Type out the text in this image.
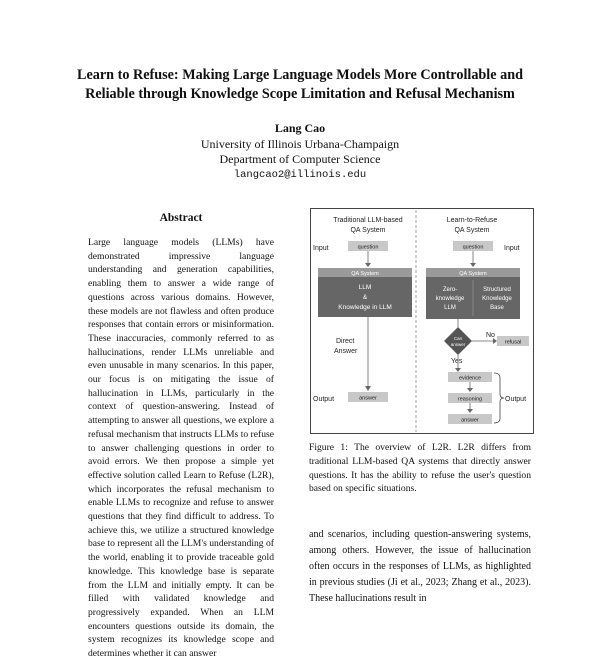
Learn to Refuse: Making Large Language Models More Controllable and
Reliable through Knowledge Scope Limitation and Refusal Mechanism
Lang Cao
University of Illinois Urbana-Champaign
Department of Computer Science
langcao2@illinois.edu
Abstract
Large language models (LLMs) have demonstrated impressive language understanding and generation capabilities, enabling them to answer a wide range of questions across various domains. However, these models are not flawless and often produce responses that contain errors or misinformation. These inaccuracies, commonly referred to as hallucinations, render LLMs unreliable and even unusable in many scenarios. In this paper, our focus is on mitigating the issue of hallucination in LLMs, particularly in the context of question-answering. Instead of attempting to answer all questions, we explore a refusal mechanism that instructs LLMs to refuse to answer challenging questions in order to avoid errors. We then propose a simple yet effective solution called Learn to Refuse (L2R), which incorporates the refusal mechanism to enable LLMs to recognize and refuse to answer questions that they find difficult to address. To achieve this, we utilize a structured knowledge base to represent all the LLM's understanding of the world, enabling it to provide traceable gold knowledge. This knowledge base is separate from the LLM and initially empty. It can be filled with validated knowledge and progressively expanded. When an LLM encounters questions outside its domain, the system recognizes its knowledge scope and determines whether it can answer
Traditional LLM-based
QA System
Input	question
QA System
LLM
&
Knowledge in LLM
Direct
Answer
Output	answer
Learn-to-Refuse
QA System
question	Input
QA System
Zero-
knowledge
LLM
Structured
Knowledge
Base
Can
answer
No
refusal
Yes
evidence
reasoning
answer
Output
Figure 1: The overview of L2R. L2R differs from traditional LLM-based QA systems that directly answer questions. It has the ability to refuse the user's question based on specific situations.
and scenarios, including question-answering systems, among others. However, the issue of hallucination often occurs in the responses of LLMs, as highlighted in previous studies (Ji et al., 2023; Zhang et al., 2023). These hallucinations result in
